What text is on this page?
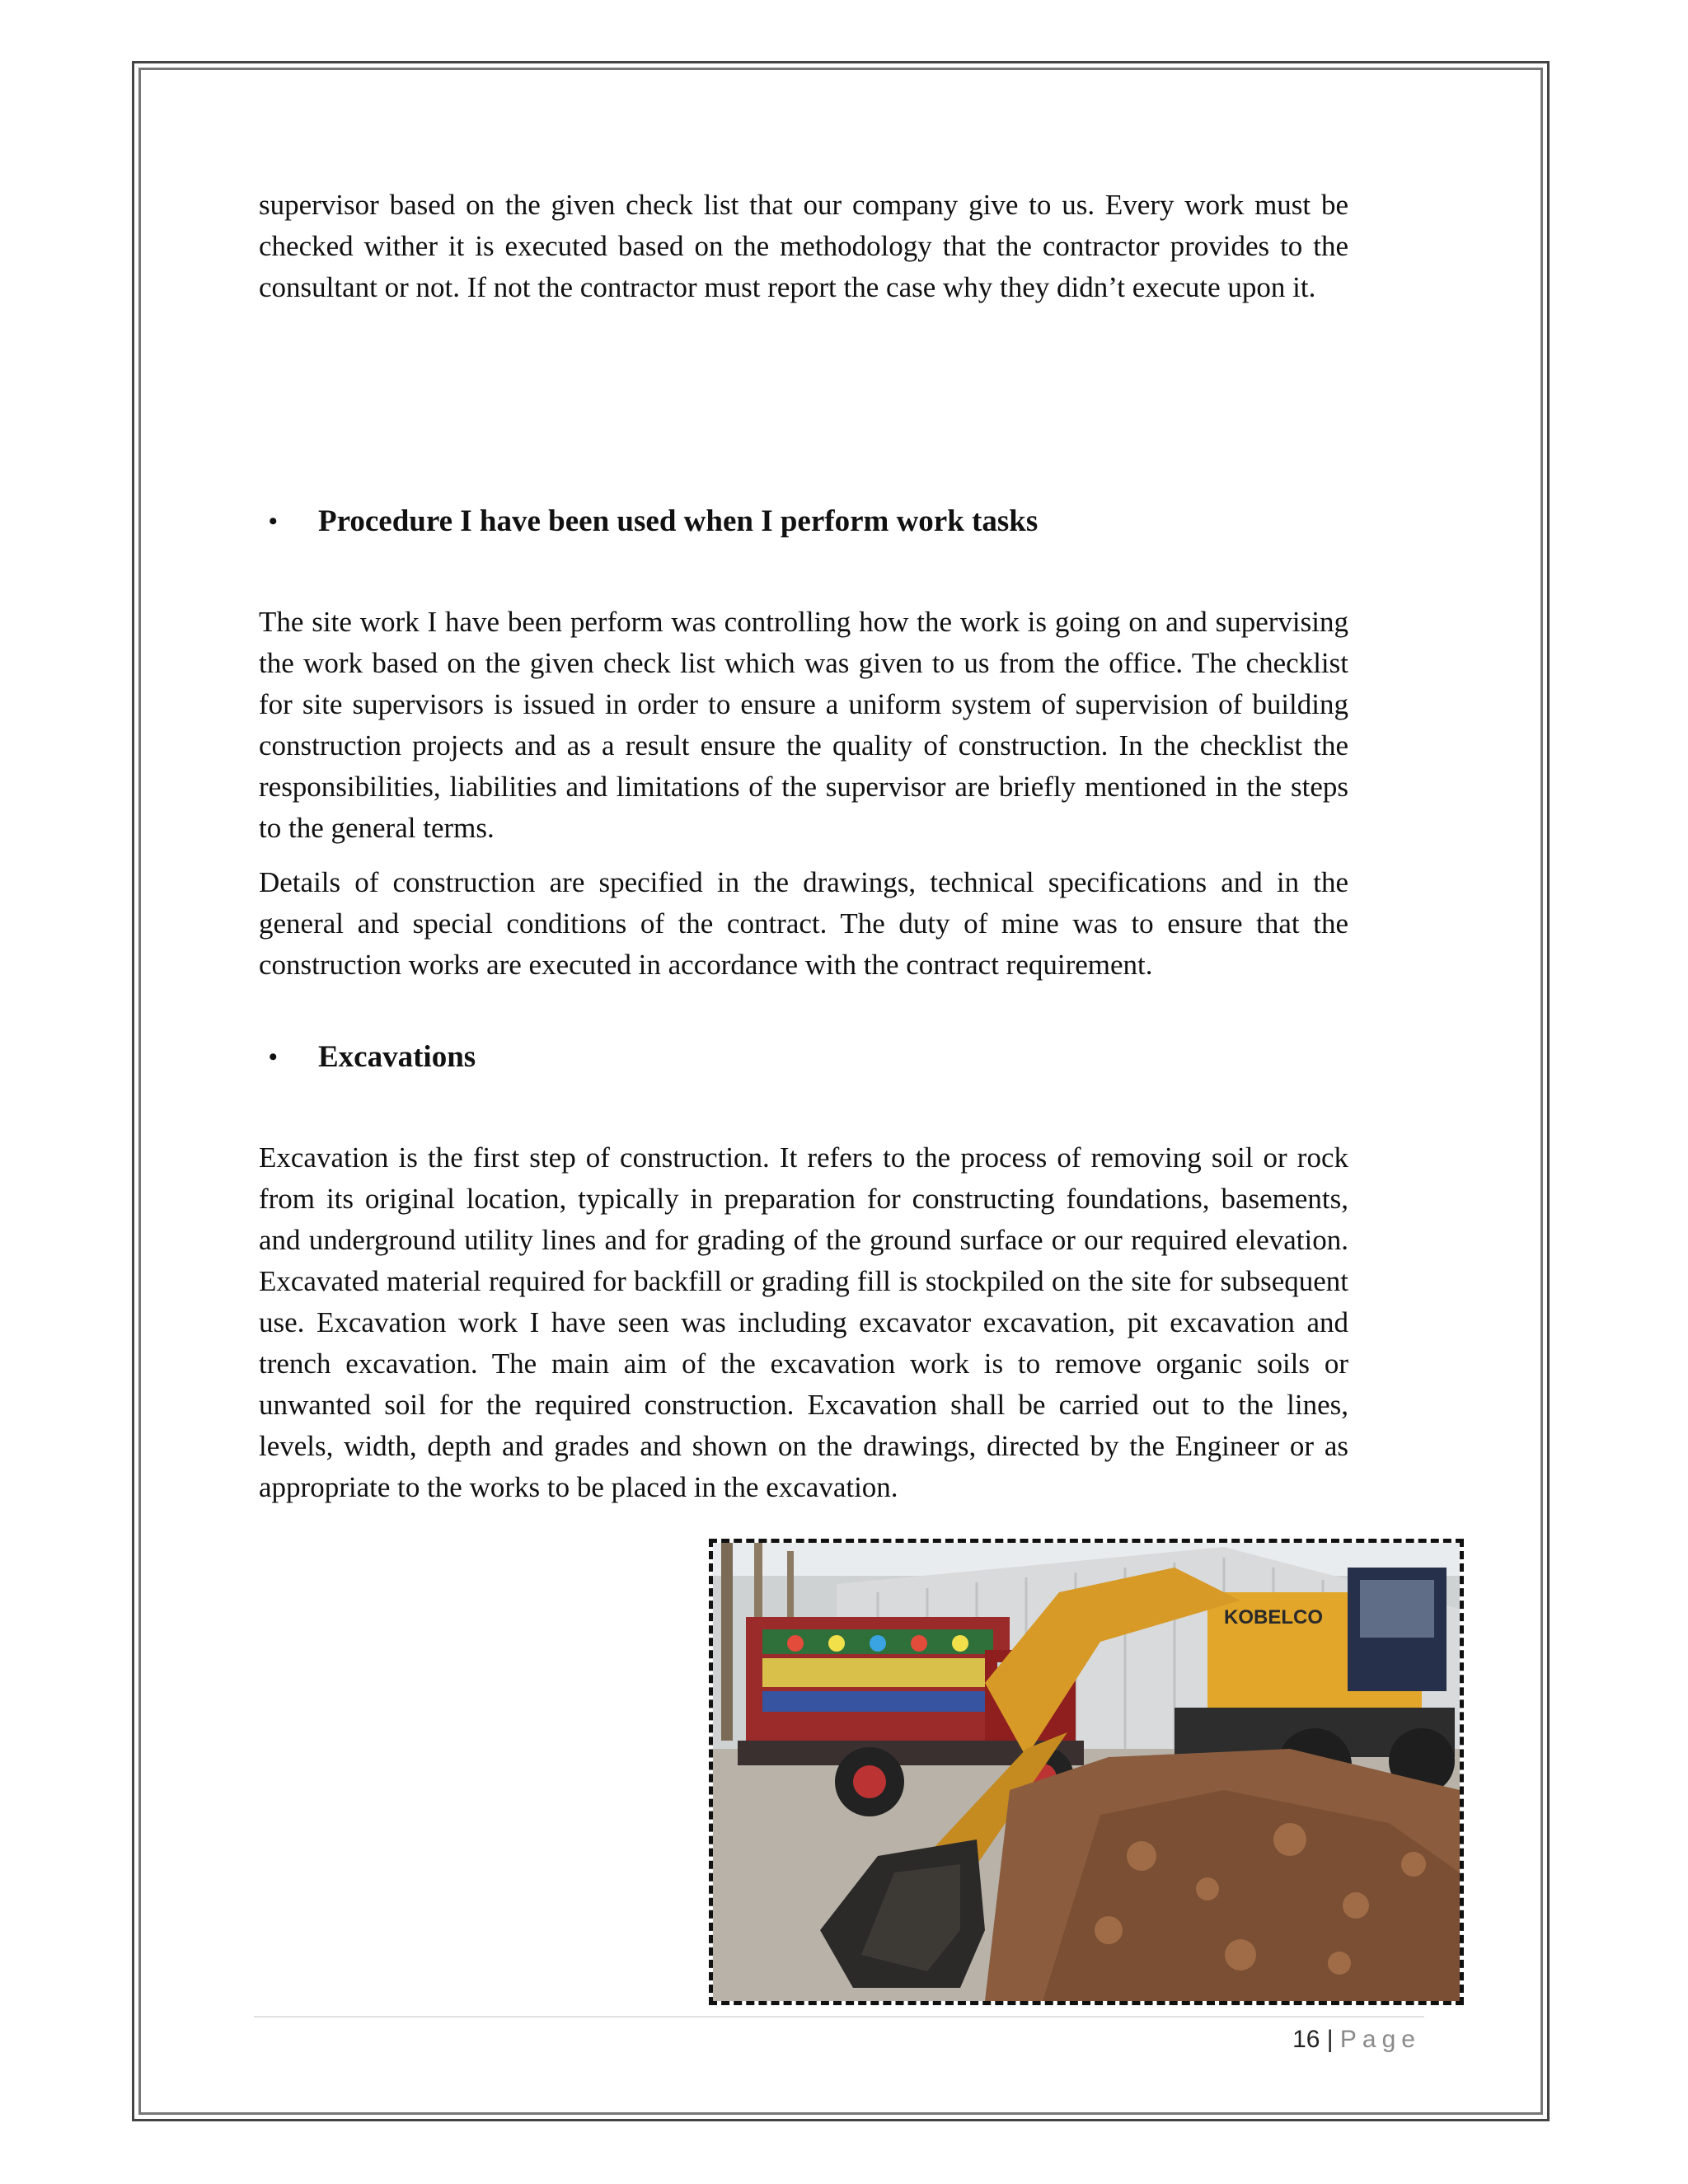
supervisor based on the given check list that our company give to us. Every work must be checked wither it is executed based on the methodology that the contractor provides to the consultant or not. If not the contractor must report the case why they didn’t execute upon it.

• Procedure I have been used when I perform work tasks

The site work I have been perform was controlling how the work is going on and supervising the work based on the given check list which was given to us from the office. The checklist for site supervisors is issued in order to ensure a uniform system of supervision of building construction projects and as a result ensure the quality of construction. In the checklist the responsibilities, liabilities and limitations of the supervisor are briefly mentioned in the steps to the general terms.

Details of construction are specified in the drawings, technical specifications and in the general and special conditions of the contract. The duty of mine was to ensure that the construction works are executed in accordance with the contract requirement.

• Excavations

Excavation is the first step of construction. It refers to the process of removing soil or rock from its original location, typically in preparation for constructing foundations, basements, and underground utility lines and for grading of the ground surface or our required elevation. Excavated material required for backfill or grading fill is stockpiled on the site for subsequent use. Excavation work I have seen was including excavator excavation, pit excavation and trench excavation. The main aim of the excavation work is to remove organic soils or unwanted soil for the required construction. Excavation shall be carried out to the lines, levels, width, depth and grades and shown on the drawings, directed by the Engineer or as appropriate to the works to be placed in the excavation.

KOBELCO
16 | Page
